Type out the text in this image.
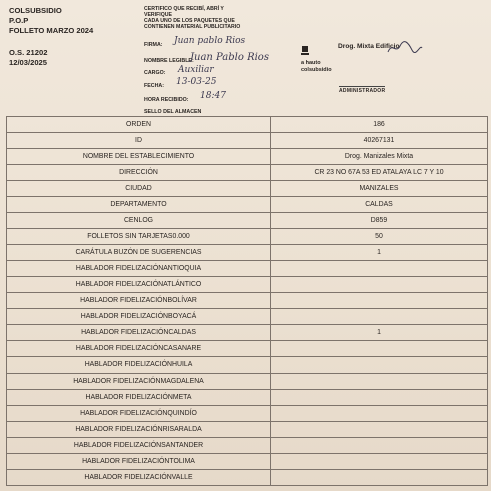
COLSUBSIDIO
P.O.P
FOLLETO MARZO 2024
O.S. 21202
12/03/2025
CERTIFICO QUE RECIBÍ, ABRÍ Y
VERIFIQUE
CADA UNO DE LOS PAQUETES QUE
CONTIENEN MATERIAL PUBLICITARIO
FIRMA: Juan pablo Rios
NOMBRE LEGIBLE:
Juan Pablo Rios
CARGO: Auxiliar
FECHA: 13-03-25
HORA RECIBIDO: 18:47
SELLO DEL ALMACEN
Drog. Mixta Edificio
a hauto
colsubsidio
ADMINISTRADOR
ORDEN	186
ID	40267131
NOMBRE DEL ESTABLECIMIENTO	Drog. Manizales Mixta
DIRECCIÓN	CR 23 NO 67A 53 ED ATALAYA LC 7 Y 10
CIUDAD	MANIZALES
DEPARTAMENTO	CALDAS
CENLOG	D859
FOLLETOS SIN TARJETAS0.000	50
CARÁTULA BUZÓN DE SUGERENCIAS	1
HABLADOR FIDELIZACIÓNANTIOQUIA	
HABLADOR FIDELIZACIÓNATLÁNTICO	
HABLADOR FIDELIZACIÓNBOLÍVAR	
HABLADOR FIDELIZACIÓNBOYACÁ	
HABLADOR FIDELIZACIÓNCALDAS	1
HABLADOR FIDELIZACIÓNCASANARE	
HABLADOR FIDELIZACIÓNHUILA	
HABLADOR FIDELIZACIÓNMAGDALENA	
HABLADOR FIDELIZACIÓNMETA	
HABLADOR FIDELIZACIÓNQUINDÍO	
HABLADOR FIDELIZACIÓNRISARALDA	
HABLADOR FIDELIZACIÓNSANTANDER	
HABLADOR FIDELIZACIÓNTOLIMA	
HABLADOR FIDELIZACIÓNVALLE	
